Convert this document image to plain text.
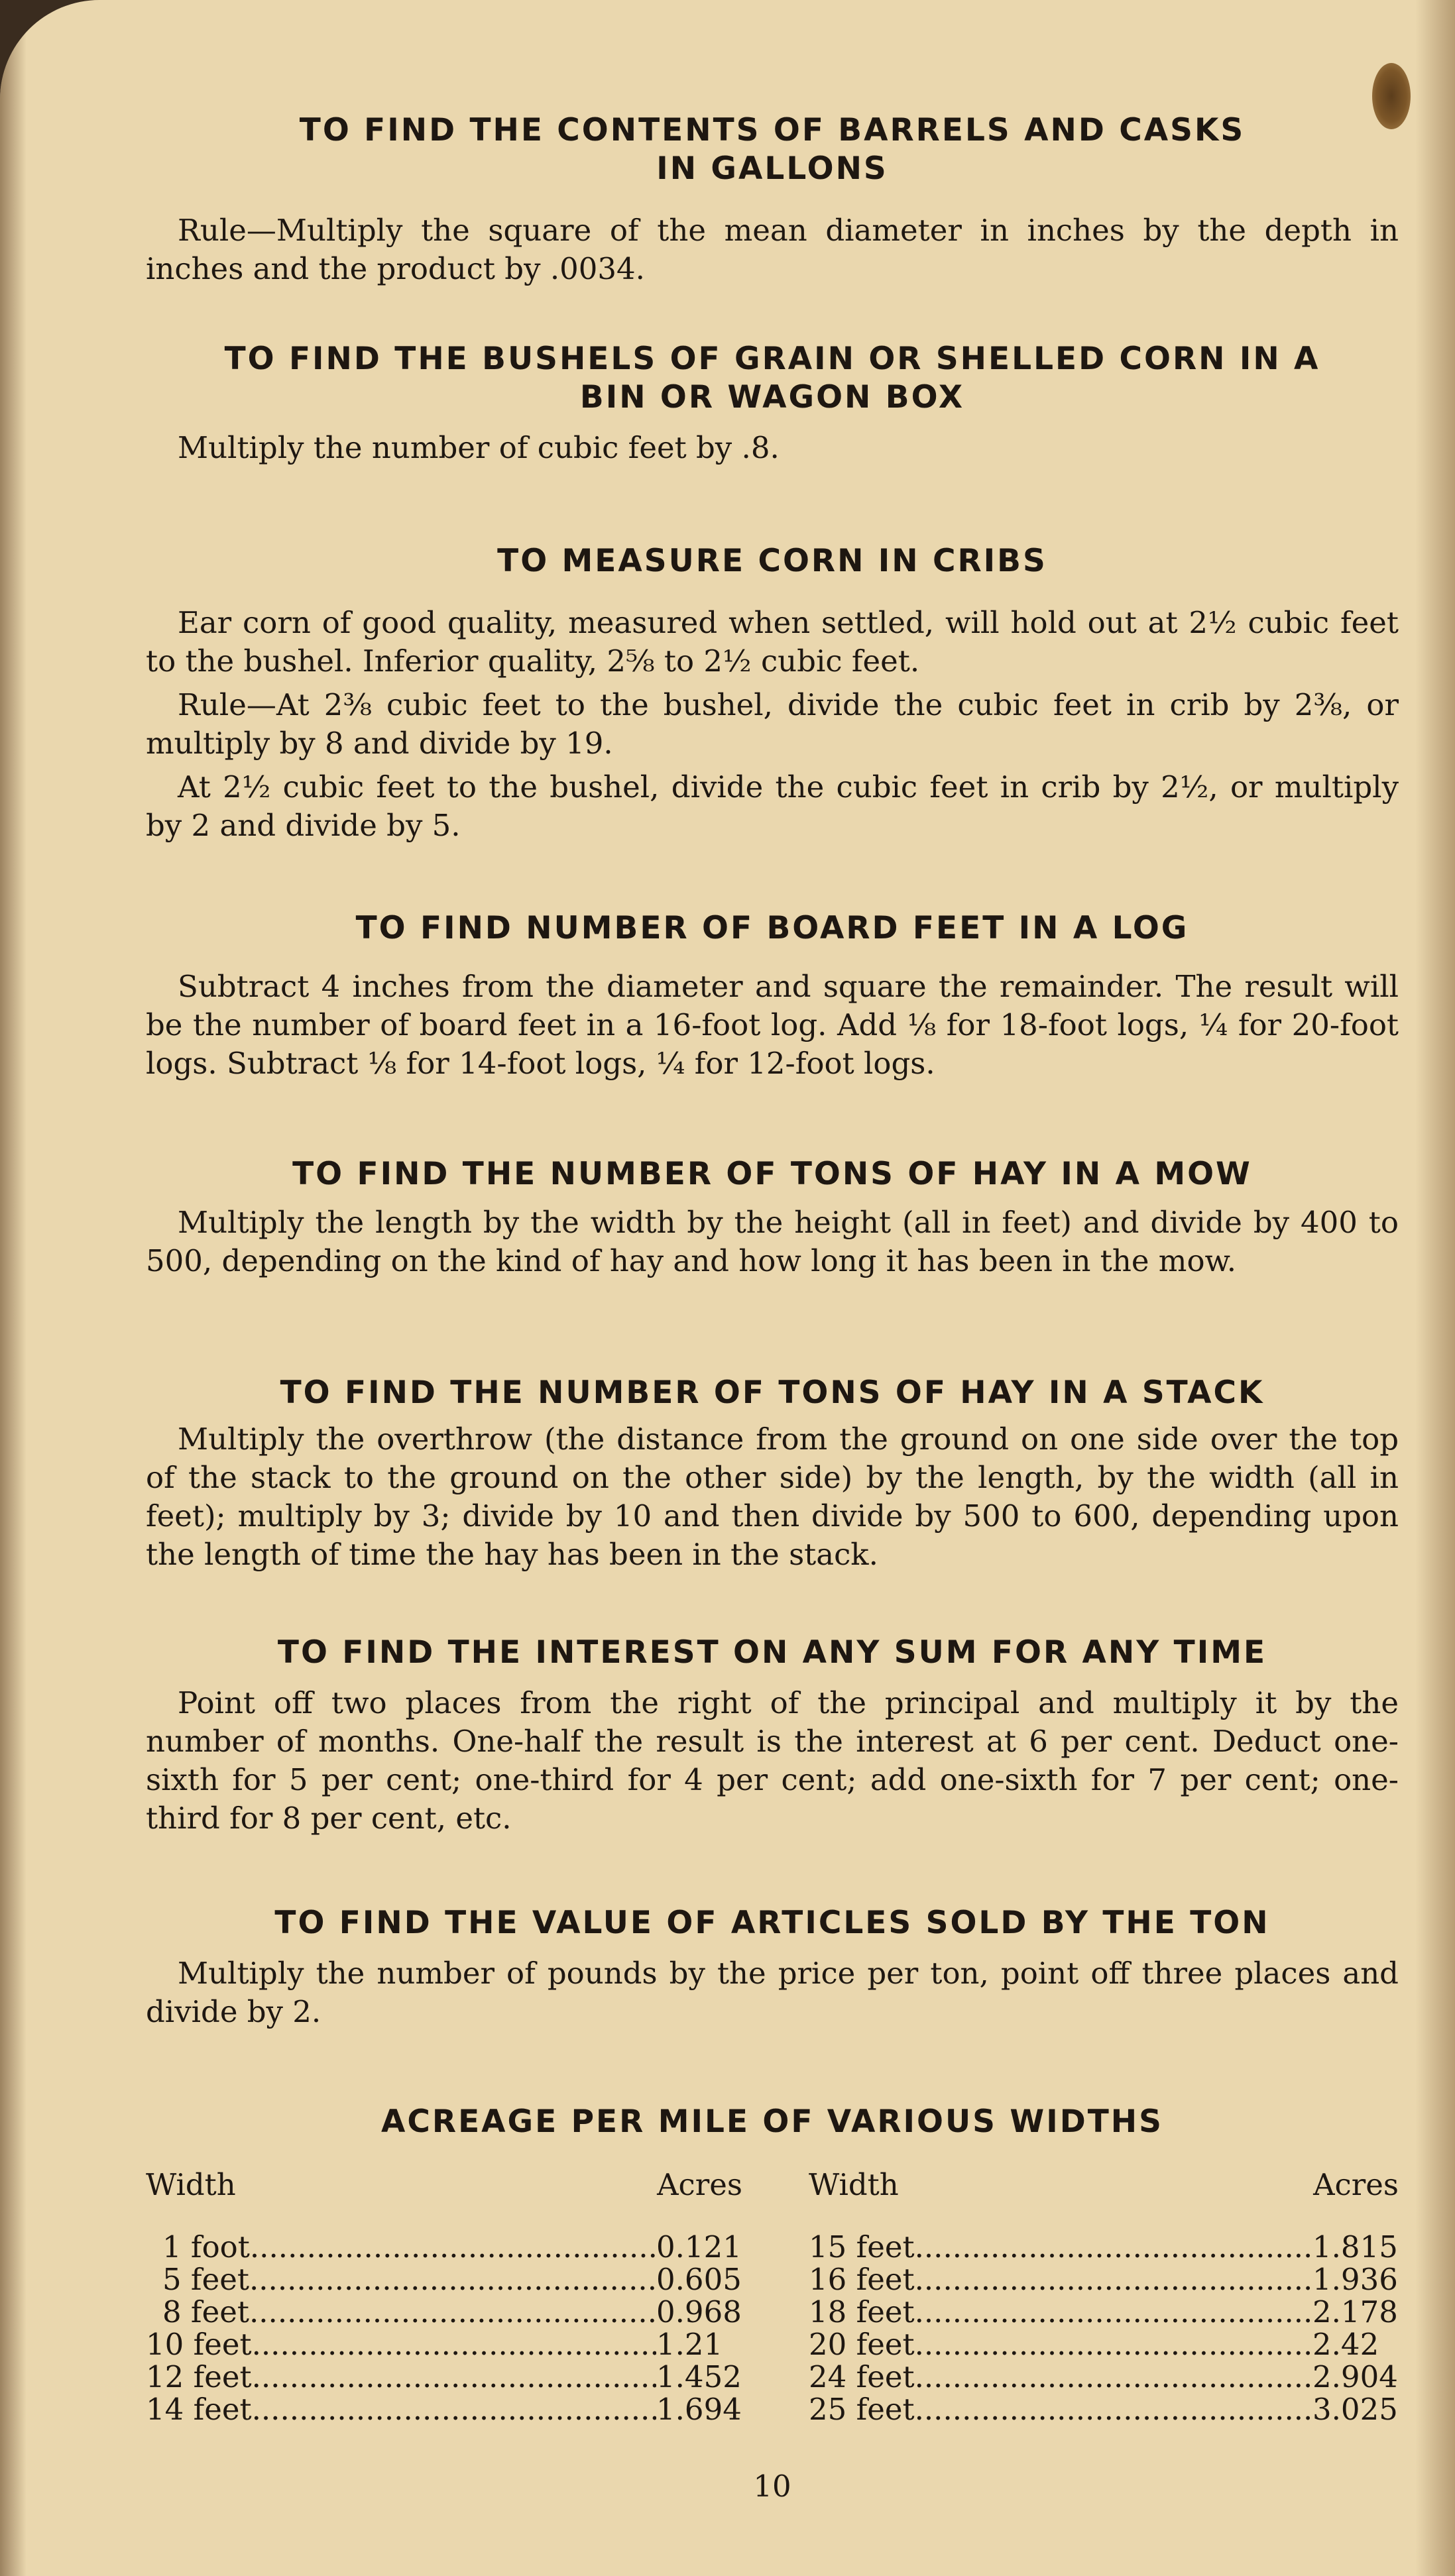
TO FIND THE CONTENTS OF BARRELS AND CASKS
IN GALLONS

Rule—Multiply the square of the mean diameter in inches by the depth in inches and the product by .0034.

TO FIND THE BUSHELS OF GRAIN OR SHELLED CORN IN A
BIN OR WAGON BOX

Multiply the number of cubic feet by .8.

TO MEASURE CORN IN CRIBS

Ear corn of good quality, measured when settled, will hold out at 2½ cubic feet to the bushel. Inferior quality, 2⅝ to 2½ cubic feet.

Rule—At 2⅜ cubic feet to the bushel, divide the cubic feet in crib by 2⅜, or multiply by 8 and divide by 19.

At 2½ cubic feet to the bushel, divide the cubic feet in crib by 2½, or multiply by 2 and divide by 5.

TO FIND NUMBER OF BOARD FEET IN A LOG

Subtract 4 inches from the diameter and square the remainder. The result will be the number of board feet in a 16-foot log. Add ⅛ for 18-foot logs, ¼ for 20-foot logs. Subtract ⅛ for 14-foot logs, ¼ for 12-foot logs.

TO FIND THE NUMBER OF TONS OF HAY IN A MOW

Multiply the length by the width by the height (all in feet) and divide by 400 to 500, depending on the kind of hay and how long it has been in the mow.

TO FIND THE NUMBER OF TONS OF HAY IN A STACK

Multiply the overthrow (the distance from the ground on one side over the top of the stack to the ground on the other side) by the length, by the width (all in feet); multiply by 3; divide by 10 and then divide by 500 to 600, depending upon the length of time the hay has been in the stack.

TO FIND THE INTEREST ON ANY SUM FOR ANY TIME

Point off two places from the right of the principal and multiply it by the number of months. One-half the result is the interest at 6 per cent. Deduct one-sixth for 5 per cent; one-third for 4 per cent; add one-sixth for 7 per cent; one-third for 8 per cent, etc.

TO FIND THE VALUE OF ARTICLES SOLD BY THE TON

Multiply the number of pounds by the price per ton, point off three places and divide by 2.

ACREAGE PER MILE OF VARIOUS WIDTHS
Width	Acres
1 foot .....	0.121
5 feet .....	0.605
8 feet .....	0.968
10 feet .....	1.21
12 feet .....	1.452
14 feet .....	1.694
Width	Acres
15 feet .....	1.815
16 feet .....	1.936
18 feet .....	2.178
20 feet .....	2.42
24 feet .....	2.904
25 feet .....	3.025
10
